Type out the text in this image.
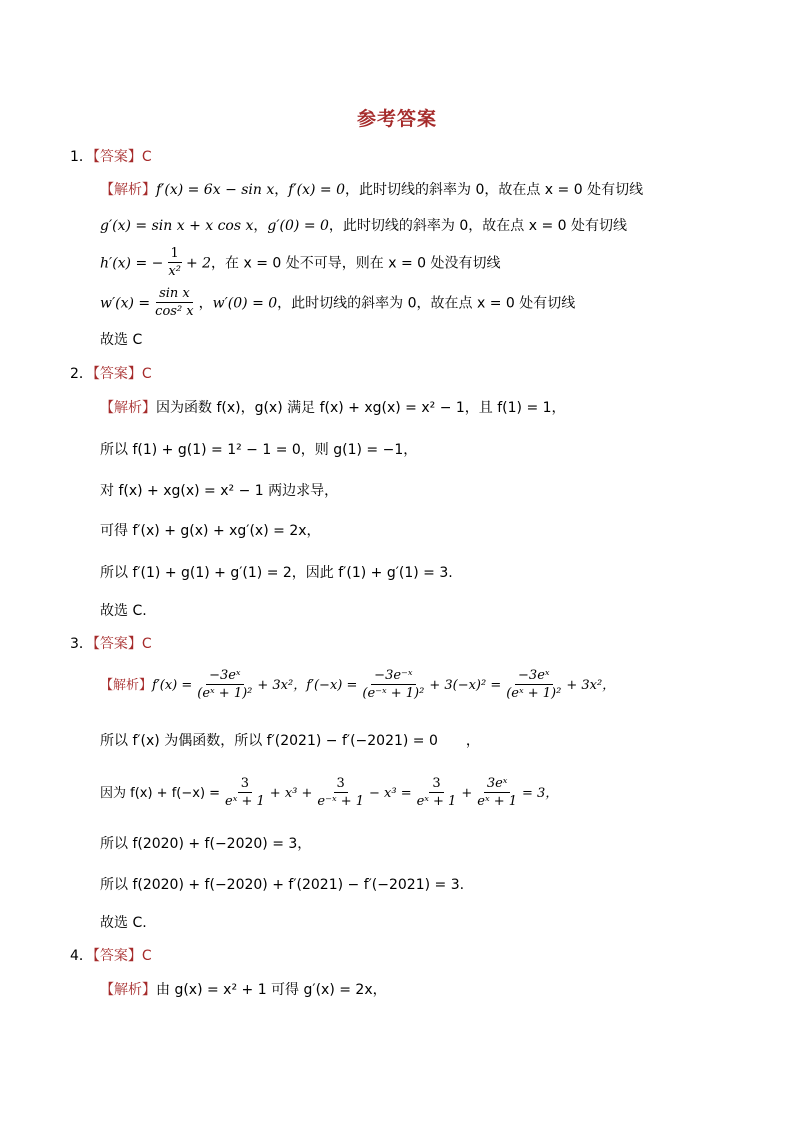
参考答案
1．【答案】C
【解析】f′(x) = 6x − sin x，f′(x) = 0，此时切线的斜率为 0，故在点 x = 0 处有切线
g′(x) = sin x + x cos x，g′(0) = 0，此时切线的斜率为 0，故在点 x = 0 处有切线
h′(x) = − $\frac{1}{\text{x²}} + 2$，在 x = 0 处不可导，则在 x = 0 处没有切线
$w'(x) = \frac{\text{sin x}}{\text{cos² x}}$ ，w′(0) = 0，此时切线的斜率为 0，故在点 x = 0 处有切线
故选 C
2．【答案】C
【解析】因为函数 f(x)，g(x) 满足 f(x) + xg(x) = x² − 1，且 f(1) = 1，
所以 f(1) + g(1) = 1² − 1 = 0，则 g(1) = −1，
对 f(x) + xg(x) = x² − 1 两边求导，
可得 f′(x) + g(x) + xg′(x) = 2x，
所以 f′(1) + g(1) + g′(1) = 2，因此 f′(1) + g′(1) = 3.
故选 C.
3．【答案】C
【解析】$f'(x) = \frac{\text{−3eˣ}}{\text{(eˣ + 1)²}} + 3x^2$，$f'(-x) = \frac{\text{−3e⁻ˣ}}{\text{(e⁻ˣ + 1)²}} + 3(-x)^2 = \frac{\text{−3eˣ}}{\text{(eˣ + 1)²}} + 3x^2$，
所以 f′(x) 为偶函数，所以 f′(2021) − f′(−2021) = 0　　，
因为 $f(x) + f(-x) = \frac{3}{\text{eˣ + 1}} + x^3 + \frac{3}{\text{e⁻ˣ + 1}} - x^3 = \frac{3}{\text{eˣ + 1}} + \frac{\text{3eˣ}}{\text{eˣ + 1}} = 3$，
所以 f(2020) + f(−2020) = 3，
所以 f(2020) + f(−2020) + f′(2021) − f′(−2021) = 3.
故选 C.
4．【答案】C
【解析】由 g(x) = x² + 1 可得 g′(x) = 2x，
